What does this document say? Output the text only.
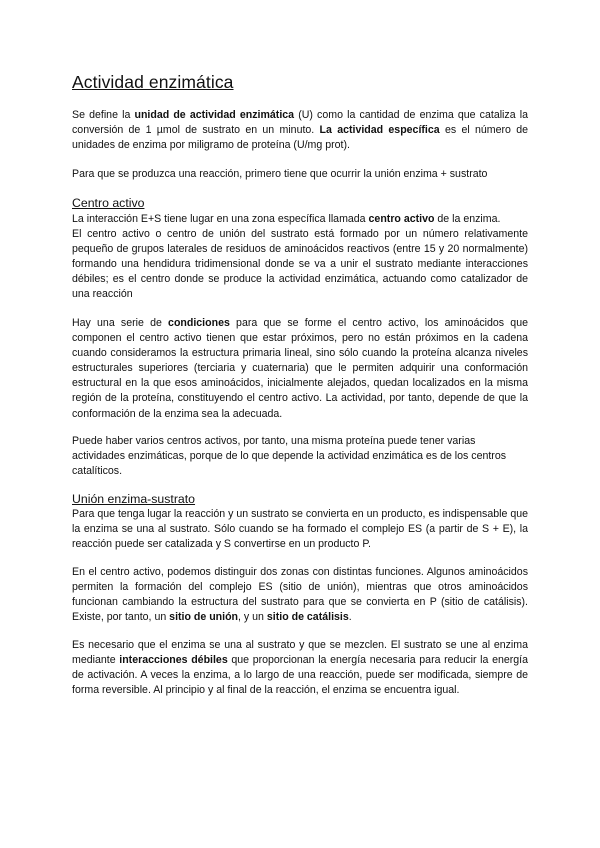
Actividad enzimática

Se define la unidad de actividad enzimática (U) como la cantidad de enzima que cataliza la conversión de 1 µmol de sustrato en un minuto. La actividad específica es el número de unidades de enzima por miligramo de proteína (U/mg prot).

Para que se produzca una reacción, primero tiene que ocurrir la unión enzima + sustrato

Centro activo

La interacción E+S tiene lugar en una zona específica llamada centro activo de la enzima.

El centro activo o centro de unión del sustrato está formado por un número relativamente pequeño de grupos laterales de residuos de aminoácidos reactivos (entre 15 y 20 normalmente) formando una hendidura tridimensional donde se va a unir el sustrato mediante interacciones débiles; es el centro donde se produce la actividad enzimática, actuando como catalizador de una reacción

Hay una serie de condiciones para que se forme el centro activo, los aminoácidos que componen el centro activo tienen que estar próximos, pero no están próximos en la cadena cuando consideramos la estructura primaria lineal, sino sólo cuando la proteína alcanza niveles estructurales superiores (terciaria y cuaternaria) que le permiten adquirir una conformación estructural en la que esos aminoácidos, inicialmente alejados, quedan localizados en la misma región de la proteína, constituyendo el centro activo. La actividad, por tanto, depende de que la conformación de la enzima sea la adecuada.

Puede haber varios centros activos, por tanto, una misma proteína puede tener varias actividades enzimáticas, porque de lo que depende la actividad enzimática es de los centros catalíticos.

Unión enzima-sustrato

Para que tenga lugar la reacción y un sustrato se convierta en un producto, es indispensable que la enzima se una al sustrato. Sólo cuando se ha formado el complejo ES (a partir de S + E), la reacción puede ser catalizada y S convertirse en un producto P.

En el centro activo, podemos distinguir dos zonas con distintas funciones. Algunos aminoácidos permiten la formación del complejo ES (sitio de unión), mientras que otros aminoácidos funcionan cambiando la estructura del sustrato para que se convierta en P (sitio de catálisis). Existe, por tanto, un sitio de unión, y un sitio de catálisis.

Es necesario que el enzima se una al sustrato y que se mezclen. El sustrato se une al enzima mediante interacciones débiles que proporcionan la energía necesaria para reducir la energía de activación. A veces la enzima, a lo largo de una reacción, puede ser modificada, siempre de forma reversible. Al principio y al final de la reacción, el enzima se encuentra igual.
